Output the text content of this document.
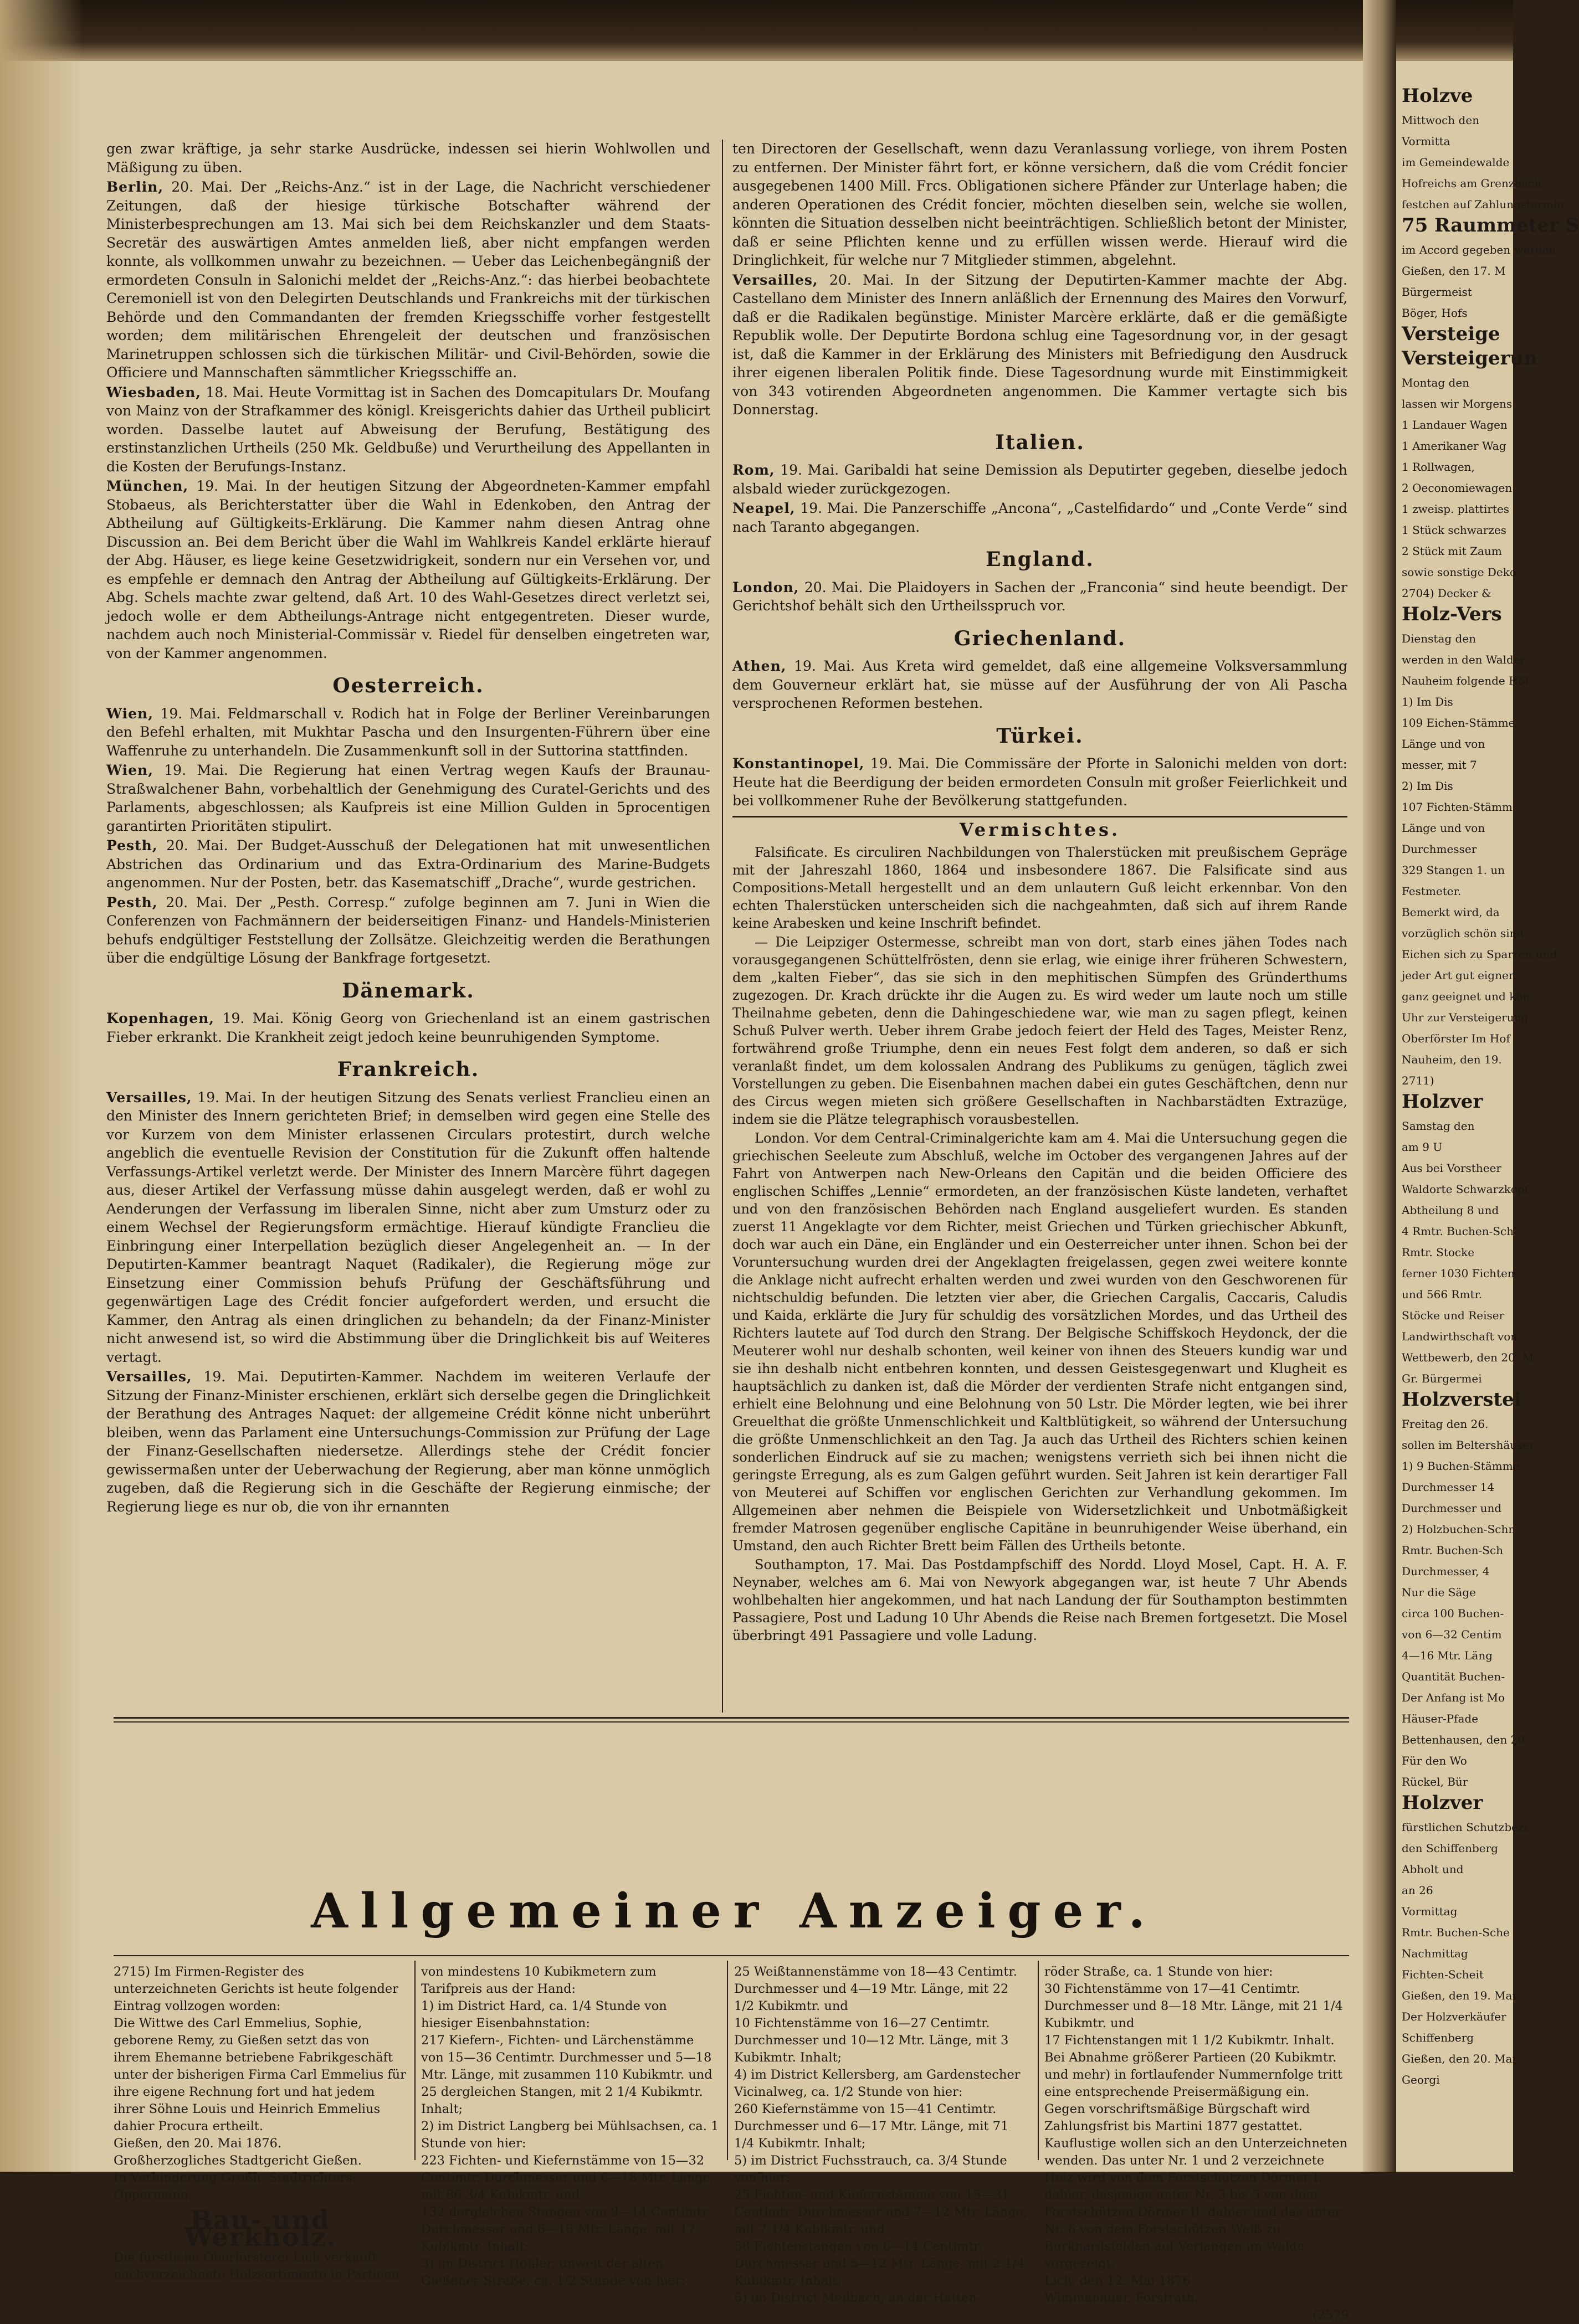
gen zwar kräftige, ja sehr starke Ausdrücke, indessen sei hierin Wohlwollen und Mäßigung zu üben.

Berlin, 20. Mai. Der „Reichs-Anz.“ ist in der Lage, die Nachricht verschiedener Zeitungen, daß der hiesige türkische Botschafter während der Ministerbesprechungen am 13. Mai sich bei dem Reichskanzler und dem Staats-Secretär des auswärtigen Amtes anmelden ließ, aber nicht empfangen werden konnte, als vollkommen unwahr zu bezeichnen. — Ueber das Leichenbegängniß der ermordeten Consuln in Salonichi meldet der „Reichs-Anz.“: das hierbei beobachtete Ceremoniell ist von den Delegirten Deutschlands und Frankreichs mit der türkischen Behörde und den Commandanten der fremden Kriegsschiffe vorher festgestellt worden; dem militärischen Ehrengeleit der deutschen und französischen Marinetruppen schlossen sich die türkischen Militär- und Civil-Behörden, sowie die Officiere und Mannschaften sämmtlicher Kriegsschiffe an.

Wiesbaden, 18. Mai. Heute Vormittag ist in Sachen des Domcapitulars Dr. Moufang von Mainz von der Strafkammer des königl. Kreisgerichts dahier das Urtheil publicirt worden. Dasselbe lautet auf Abweisung der Berufung, Bestätigung des erstinstanzlichen Urtheils (250 Mk. Geldbuße) und Verurtheilung des Appellanten in die Kosten der Berufungs-Instanz.

München, 19. Mai. In der heutigen Sitzung der Abgeordneten-Kammer empfahl Stobaeus, als Berichterstatter über die Wahl in Edenkoben, den Antrag der Abtheilung auf Gültigkeits-Erklärung. Die Kammer nahm diesen Antrag ohne Discussion an. Bei dem Bericht über die Wahl im Wahlkreis Kandel erklärte hierauf der Abg. Häuser, es liege keine Gesetzwidrigkeit, sondern nur ein Versehen vor, und es empfehle er demnach den Antrag der Abtheilung auf Gültigkeits-Erklärung. Der Abg. Schels machte zwar geltend, daß Art. 10 des Wahl-Gesetzes direct verletzt sei, jedoch wolle er dem Abtheilungs-Antrage nicht entgegentreten. Dieser wurde, nachdem auch noch Ministerial-Commissär v. Riedel für denselben eingetreten war, von der Kammer angenommen.

Oesterreich.

Wien, 19. Mai. Feldmarschall v. Rodich hat in Folge der Berliner Vereinbarungen den Befehl erhalten, mit Mukhtar Pascha und den Insurgenten-Führern über eine Waffenruhe zu unterhandeln. Die Zusammenkunft soll in der Suttorina stattfinden.

Wien, 19. Mai. Die Regierung hat einen Vertrag wegen Kaufs der Braunau-Straßwalchener Bahn, vorbehaltlich der Genehmigung des Curatel-Gerichts und des Parlaments, abgeschlossen; als Kaufpreis ist eine Million Gulden in 5procentigen garantirten Prioritäten stipulirt.

Pesth, 20. Mai. Der Budget-Ausschuß der Delegationen hat mit unwesentlichen Abstrichen das Ordinarium und das Extra-Ordinarium des Marine-Budgets angenommen. Nur der Posten, betr. das Kasematschiff „Drache“, wurde gestrichen.

Pesth, 20. Mai. Der „Pesth. Corresp.“ zufolge beginnen am 7. Juni in Wien die Conferenzen von Fachmännern der beiderseitigen Finanz- und Handels-Ministerien behufs endgültiger Feststellung der Zollsätze. Gleichzeitig werden die Berathungen über die endgültige Lösung der Bankfrage fortgesetzt.

Dänemark.

Kopenhagen, 19. Mai. König Georg von Griechenland ist an einem gastrischen Fieber erkrankt. Die Krankheit zeigt jedoch keine beunruhigenden Symptome.

Frankreich.

Versailles, 19. Mai. In der heutigen Sitzung des Senats verliest Franclieu einen an den Minister des Innern gerichteten Brief; in demselben wird gegen eine Stelle des vor Kurzem von dem Minister erlassenen Circulars protestirt, durch welche angeblich die eventuelle Revision der Constitution für die Zukunft offen haltende Verfassungs-Artikel verletzt werde. Der Minister des Innern Marcère führt dagegen aus, dieser Artikel der Verfassung müsse dahin ausgelegt werden, daß er wohl zu Aenderungen der Verfassung im liberalen Sinne, nicht aber zum Umsturz oder zu einem Wechsel der Regierungsform ermächtige. Hierauf kündigte Franclieu die Einbringung einer Interpellation bezüglich dieser Angelegenheit an. — In der Deputirten-Kammer beantragt Naquet (Radikaler), die Regierung möge zur Einsetzung einer Commission behufs Prüfung der Geschäftsführung und gegenwärtigen Lage des Crédit foncier aufgefordert werden, und ersucht die Kammer, den Antrag als einen dringlichen zu behandeln; da der Finanz-Minister nicht anwesend ist, so wird die Abstimmung über die Dringlichkeit bis auf Weiteres vertagt.

Versailles, 19. Mai. Deputirten-Kammer. Nachdem im weiteren Verlaufe der Sitzung der Finanz-Minister erschienen, erklärt sich derselbe gegen die Dringlichkeit der Berathung des Antrages Naquet: der allgemeine Crédit könne nicht unberührt bleiben, wenn das Parlament eine Untersuchungs-Commission zur Prüfung der Lage der Finanz-Gesellschaften niedersetze. Allerdings stehe der Crédit foncier gewissermaßen unter der Ueberwachung der Regierung, aber man könne unmöglich zugeben, daß die Regierung sich in die Geschäfte der Regierung einmische; der Regierung liege es nur ob, die von ihr ernannten

ten Directoren der Gesellschaft, wenn dazu Veranlassung vorliege, von ihrem Posten zu entfernen. Der Minister fährt fort, er könne versichern, daß die vom Crédit foncier ausgegebenen 1400 Mill. Frcs. Obligationen sichere Pfänder zur Unterlage haben; die anderen Operationen des Crédit foncier, möchten dieselben sein, welche sie wollen, könnten die Situation desselben nicht beeinträchtigen. Schließlich betont der Minister, daß er seine Pflichten kenne und zu erfüllen wissen werde. Hierauf wird die Dringlichkeit, für welche nur 7 Mitglieder stimmen, abgelehnt.

Versailles, 20. Mai. In der Sitzung der Deputirten-Kammer machte der Abg. Castellano dem Minister des Innern anläßlich der Ernennung des Maires den Vorwurf, daß er die Radikalen begünstige. Minister Marcère erklärte, daß er die gemäßigte Republik wolle. Der Deputirte Bordona schlug eine Tagesordnung vor, in der gesagt ist, daß die Kammer in der Erklärung des Ministers mit Befriedigung den Ausdruck ihrer eigenen liberalen Politik finde. Diese Tagesordnung wurde mit Einstimmigkeit von 343 votirenden Abgeordneten angenommen. Die Kammer vertagte sich bis Donnerstag.

Italien.

Rom, 19. Mai. Garibaldi hat seine Demission als Deputirter gegeben, dieselbe jedoch alsbald wieder zurückgezogen.

Neapel, 19. Mai. Die Panzerschiffe „Ancona“, „Castelfidardo“ und „Conte Verde“ sind nach Taranto abgegangen.

England.

London, 20. Mai. Die Plaidoyers in Sachen der „Franconia“ sind heute beendigt. Der Gerichtshof behält sich den Urtheilsspruch vor.

Griechenland.

Athen, 19. Mai. Aus Kreta wird gemeldet, daß eine allgemeine Volksversammlung dem Gouverneur erklärt hat, sie müsse auf der Ausführung der von Ali Pascha versprochenen Reformen bestehen.

Türkei.

Konstantinopel, 19. Mai. Die Commissäre der Pforte in Salonichi melden von dort: Heute hat die Beerdigung der beiden ermordeten Consuln mit großer Feierlichkeit und bei vollkommener Ruhe der Bevölkerung stattgefunden.

Vermischtes.

Falsificate. Es circuliren Nachbildungen von Thalerstücken mit preußischem Gepräge mit der Jahreszahl 1860, 1864 und insbesondere 1867. Die Falsificate sind aus Compositions-Metall hergestellt und an dem unlautern Guß leicht erkennbar. Von den echten Thalerstücken unterscheiden sich die nachgeahmten, daß sich auf ihrem Rande keine Arabesken und keine Inschrift befindet.

— Die Leipziger Ostermesse, schreibt man von dort, starb eines jähen Todes nach vorausgegangenen Schüttelfrösten, denn sie erlag, wie einige ihrer früheren Schwestern, dem „kalten Fieber“, das sie sich in den mephitischen Sümpfen des Gründerthums zugezogen. Dr. Krach drückte ihr die Augen zu. Es wird weder um laute noch um stille Theilnahme gebeten, denn die Dahingeschiedene war, wie man zu sagen pflegt, keinen Schuß Pulver werth. Ueber ihrem Grabe jedoch feiert der Held des Tages, Meister Renz, fortwährend große Triumphe, denn ein neues Fest folgt dem anderen, so daß er sich veranlaßt findet, um dem kolossalen Andrang des Publikums zu genügen, täglich zwei Vorstellungen zu geben. Die Eisenbahnen machen dabei ein gutes Geschäftchen, denn nur des Circus wegen mieten sich größere Gesellschaften in Nachbarstädten Extrazüge, indem sie die Plätze telegraphisch vorausbestellen.

London. Vor dem Central-Criminalgerichte kam am 4. Mai die Untersuchung gegen die griechischen Seeleute zum Abschluß, welche im October des vergangenen Jahres auf der Fahrt von Antwerpen nach New-Orleans den Capitän und die beiden Officiere des englischen Schiffes „Lennie“ ermordeten, an der französischen Küste landeten, verhaftet und von den französischen Behörden nach England ausgeliefert wurden. Es standen zuerst 11 Angeklagte vor dem Richter, meist Griechen und Türken griechischer Abkunft, doch war auch ein Däne, ein Engländer und ein Oesterreicher unter ihnen. Schon bei der Voruntersuchung wurden drei der Angeklagten freigelassen, gegen zwei weitere konnte die Anklage nicht aufrecht erhalten werden und zwei wurden von den Geschworenen für nichtschuldig befunden. Die letzten vier aber, die Griechen Cargalis, Caccaris, Caludis und Kaida, erklärte die Jury für schuldig des vorsätzlichen Mordes, und das Urtheil des Richters lautete auf Tod durch den Strang. Der Belgische Schiffskoch Heydonck, der die Meuterer wohl nur deshalb schonten, weil keiner von ihnen des Steuers kundig war und sie ihn deshalb nicht entbehren konnten, und dessen Geistesgegenwart und Klugheit es hauptsächlich zu danken ist, daß die Mörder der verdienten Strafe nicht entgangen sind, erhielt eine Belohnung und eine Belohnung von 50 Lstr. Die Mörder legten, wie bei ihrer Greuelthat die größte Unmenschlichkeit und Kaltblütigkeit, so während der Untersuchung die größte Unmenschlichkeit an den Tag. Ja auch das Urtheil des Richters schien keinen sonderlichen Eindruck auf sie zu machen; wenigstens verrieth sich bei ihnen nicht die geringste Erregung, als es zum Galgen geführt wurden. Seit Jahren ist kein derartiger Fall von Meuterei auf Schiffen vor englischen Gerichten zur Verhandlung gekommen. Im Allgemeinen aber nehmen die Beispiele von Widersetzlichkeit und Unbotmäßigkeit fremder Matrosen gegenüber englische Capitäne in beunruhigender Weise überhand, ein Umstand, den auch Richter Brett beim Fällen des Urtheils betonte.

Southampton, 17. Mai. Das Postdampfschiff des Nordd. Lloyd Mosel, Capt. H. A. F. Neynaber, welches am 6. Mai von Newyork abgegangen war, ist heute 7 Uhr Abends wohlbehalten hier angekommen, und hat nach Landung der für Southampton bestimmten Passagiere, Post und Ladung 10 Uhr Abends die Reise nach Bremen fortgesetzt. Die Mosel überbringt 491 Passagiere und volle Ladung.

Allgemeiner Anzeiger.

2715) Im Firmen-Register des unterzeichneten Gerichts ist heute folgender Eintrag vollzogen worden:

Die Wittwe des Carl Emmelius, Sophie, geborene Remy, zu Gießen setzt das von ihrem Ehemanne betriebene Fabrikgeschäft unter der bisherigen Firma Carl Emmelius für ihre eigene Rechnung fort und hat jedem ihrer Söhne Louis und Heinrich Emmelius dahier Procura ertheilt.

Gießen, den 20. Mai 1876.

Großherzogliches Stadtgericht Gießen.

In Verhinderung Großh. Stadtrichters:

Oppermann.

Bau- und Werkholz.

Die fürstliche Oberförsterei Lich verkauft nachverzeichnete Holzsortimente in Partieen

von mindestens 10 Kubikmetern zum Tarifpreis aus der Hand:

1) im District Hard, ca. 1/4 Stunde von hiesiger Eisenbahnstation:

217 Kiefern-, Fichten- und Lärchenstämme von 15—36 Centimtr. Durchmesser und 5—18 Mtr. Länge, mit zusammen 110 Kubikmtr. und

25 dergleichen Stangen, mit 2 1/4 Kubikmtr. Inhalt;

2) im District Langberg bei Mühlsachsen, ca. 1 Stunde von hier:

223 Fichten- und Kiefernstämme von 15—32 Centimtr. Durchmesser und 6—18 Mtr. Länge, mit 86 3/4 Kubikmtr. und

132 dergleichen Stangen von 9—14 Centimtr. Durchmesser und 6—16 Mtr. Länge, mit 17 Kubikmtr. Inhalt;

3) im District Höhler, unweit der alten Gießener Straße, ca. 1/2 Stunde von hier:

25 Weißtannenstämme von 18—43 Centimtr. Durchmesser und 4—19 Mtr. Länge, mit 22 1/2 Kubikmtr. und

10 Fichtenstämme von 16—27 Centimtr. Durchmesser und 10—12 Mtr. Länge, mit 3 Kubikmtr. Inhalt;

4) im District Kellersberg, am Gardenstecher Vicinalweg, ca. 1/2 Stunde von hier:

260 Kiefernstämme von 15—41 Centimtr. Durchmesser und 6—17 Mtr. Länge, mit 71 1/4 Kubikmtr. Inhalt;

5) im District Fuchsstrauch, ca. 3/4 Stunde von hier:

25 Fichten- und Kiefernstämme von 15—31 Centimtr. Durchmesser und 7—12 Mtr. Länge, mit 7 1/4 Kubikmtr. und

58 Fichtenstangen von 6—14 Centimtr. Durchmesser und 5—12 Mtr. Länge, mit 2 1/4 Kubikmtr. Inhalt;

6) im District Meilbach, an der Hatten-

röder Straße, ca. 1 Stunde von hier:

30 Fichtenstämme von 17—41 Centimtr. Durchmesser und 8—18 Mtr. Länge, mit 21 1/4 Kubikmtr. und

17 Fichtenstangen mit 1 1/2 Kubikmtr. Inhalt.

Bei Abnahme größerer Partieen (20 Kubikmtr. und mehr) in fortlaufender Nummernfolge tritt eine entsprechende Preisermäßigung ein. Gegen vorschriftsmäßige Bürgschaft wird Zahlungsfrist bis Martini 1877 gestattet.

Kauflustige wollen sich an den Unterzeichneten wenden. Das unter Nr. 1 und 2 verzeichnete Holz wird von dem Forstschützen Dörmer I. dahier, dasjenige unter Nr. 3 bis 5 von dem Forstschützen Dörmer II. dahier und das unter Nr. 6 von dem Forstschützen Weiß zu Burkhardsfelden auf Verlangen im Walde vorgezeigt.

Lich, den 12. Mai 1876.

Wimmenauer, Forstrath.

(2579
Holzve
Mittwoch den
Vormitta
im Gemeindewalde
Hofreichs am Grenzbach
festchen auf Zahlungstermin
75 Raummeter S
im Accord gegeben werden
Gießen, den 17. M
Bürgermeist
Böger, Hofs
Versteige
Versteigerun
Montag den
lassen wir Morgens
1 Landauer Wagen
1 Amerikaner Wag
1 Rollwagen,
2 Oeconomiewagen
1 zweisp. plattirtes
1 Stück schwarzes
2 Stück mit Zaum
sowie sonstige Deko
2704) Decker &
Holz-Vers
Dienstag den
werden in den Walder
Nauheim folgende Höl
1) Im Dis
109 Eichen-Stämme
Länge und von
messer, mit 7
2) Im Dis
107 Fichten-Stämm
Länge und von
Durchmesser
329 Stangen 1. un
Festmeter.
Bemerkt wird, da
vorzüglich schön sind
Eichen sich zu Sparren und
jeder Art gut eignen
ganz geeignet und kön
Uhr zur Versteigerung
Oberförster Im Hof
Nauheim, den 19.
2711)
Holzver
Samstag den
am 9 U
Aus bei Vorstheer
Waldorte Schwarzkopf
Abtheilung 8 und
4 Rmtr. Buchen-Sch
Rmtr. Stocke
ferner 1030 Fichten-
und 566 Rmtr.
Stöcke und Reiser
Landwirthschaft von
Wettbewerb, den 20. M
Gr. Bürgermei
Holzverstei
Freitag den 26.
sollen im Beltershäuser
1) 9 Buchen-Stämme
Durchmesser 14
Durchmesser und
2) Holzbuchen-Schn
Rmtr. Buchen-Sch
Durchmesser, 4
Nur die Säge
circa 100 Buchen-
von 6—32 Centim
4—16 Mtr. Läng
Quantität Buchen-
Der Anfang ist Mo
Häuser-Pfade
Bettenhausen, den 20
Für den Wo
Rückel, Bür
Holzver
fürstlichen Schutzbezi
den Schiffenberg
Abholt und
an 26
Vormittag
Rmtr. Buchen-Sche
Nachmittag
Fichten-Scheit
Gießen, den 19. Mai
Der Holzverkäufer
Schiffenberg
Gießen, den 20. Mai
Georgi
